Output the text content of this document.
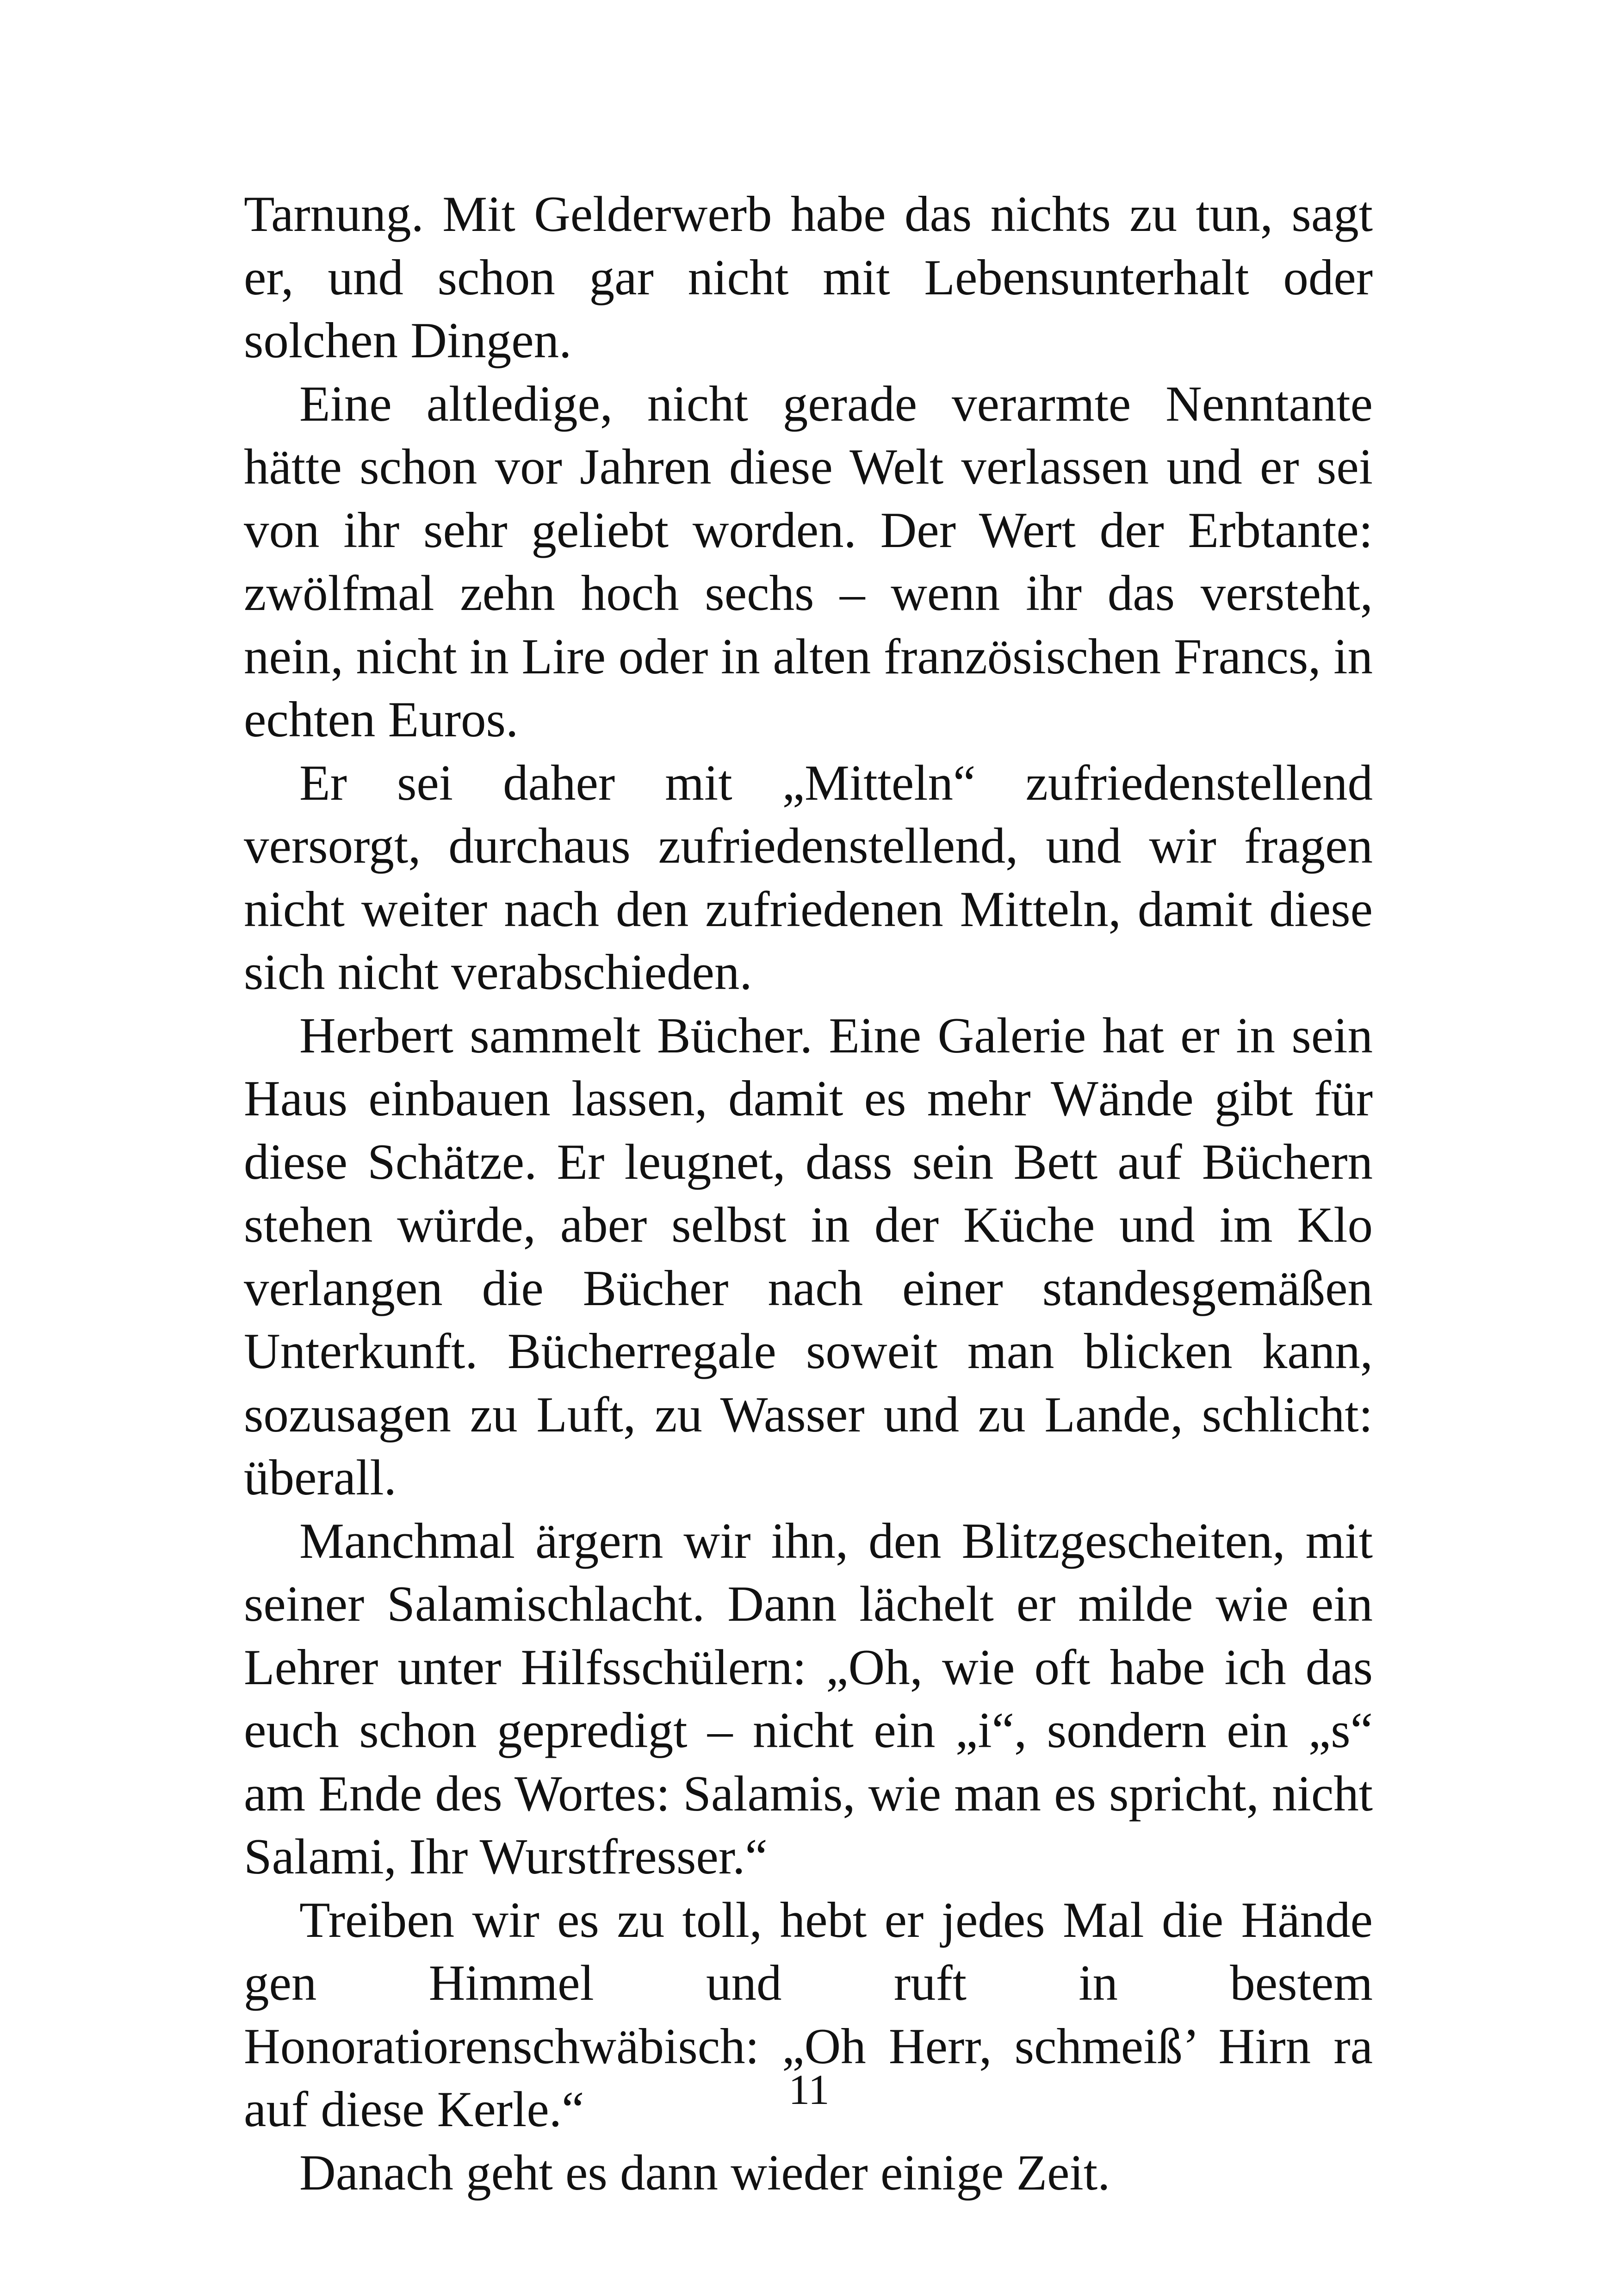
Tarnung. Mit Gelderwerb habe das nichts zu tun, sagt er, und schon gar nicht mit Lebensunterhalt oder solchen Dingen.

Eine altledige, nicht gerade verarmte Nenntante hätte schon vor Jahren diese Welt verlassen und er sei von ihr sehr geliebt worden. Der Wert der Erbtante: zwölfmal zehn hoch sechs – wenn ihr das versteht, nein, nicht in Lire oder in alten französischen Francs, in echten Euros.

Er sei daher mit „Mitteln“ zufriedenstellend versorgt, durchaus zufriedenstellend, und wir fragen nicht weiter nach den zufriedenen Mitteln, damit diese sich nicht verabschieden.

Herbert sammelt Bücher. Eine Galerie hat er in sein Haus einbauen lassen, damit es mehr Wände gibt für diese Schätze. Er leugnet, dass sein Bett auf Büchern stehen würde, aber selbst in der Küche und im Klo verlangen die Bücher nach einer standesgemäßen Unterkunft. Bücherregale soweit man blicken kann, sozusagen zu Luft, zu Wasser und zu Lande, schlicht: überall.

Manchmal ärgern wir ihn, den Blitzgescheiten, mit seiner Salamischlacht. Dann lächelt er milde wie ein Lehrer unter Hilfsschülern: „Oh, wie oft habe ich das euch schon gepredigt – nicht ein „i“, sondern ein „s“ am Ende des Wortes: Salamis, wie man es spricht, nicht Salami, Ihr Wurstfresser.“

Treiben wir es zu toll, hebt er jedes Mal die Hände gen Himmel und ruft in bestem Honoratiorenschwäbisch: „Oh Herr, schmeiß’ Hirn ra auf diese Kerle.“

Danach geht es dann wieder einige Zeit.

11
